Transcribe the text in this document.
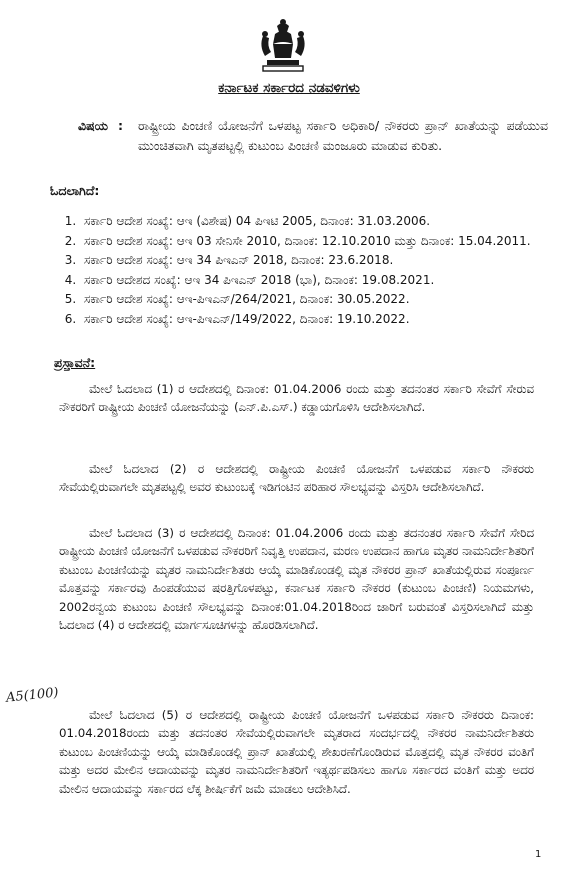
ಕರ್ನಾಟಕ ಸರ್ಕಾರದ ನಡವಳಿಗಳು
ವಿಷಯ : ರಾಷ್ಟ್ರೀಯ ಪಿಂಚಣಿ ಯೋಜನೆಗೆ ಒಳಪಟ್ಟ ಸರ್ಕಾರಿ ಅಧಿಕಾರಿ/ ನೌಕರರು ಪ್ರಾನ್ ಖಾತೆಯನ್ನು ಪಡೆಯುವ ಮುಂಚಿತವಾಗಿ ಮೃತಪಟ್ಟಲ್ಲಿ ಕುಟುಂಬ ಪಿಂಚಣಿ ಮಂಜೂರು ಮಾಡುವ ಕುರಿತು.
ಓದಲಾಗಿದೆ:
1. ಸರ್ಕಾರಿ ಆದೇಶ ಸಂಖ್ಯೆ: ಆಇ (ವಿಶೇಷ) 04 ಪಿಇಟಿ 2005, ದಿನಾಂಕ: 31.03.2006.
2. ಸರ್ಕಾರಿ ಆದೇಶ ಸಂಖ್ಯೆ: ಆಇ 03 ಸೇನಿಸೇ 2010, ದಿನಾಂಕ: 12.10.2010 ಮತ್ತು ದಿನಾಂಕ: 15.04.2011.
3. ಸರ್ಕಾರಿ ಆದೇಶ ಸಂಖ್ಯೆ: ಆಇ 34 ಪಿಇಎನ್ 2018, ದಿನಾಂಕ: 23.6.2018.
4. ಸರ್ಕಾರಿ ಆದೇಶದ ಸಂಖ್ಯೆ: ಆಇ 34 ಪಿಇಎನ್ 2018 (ಭಾ), ದಿನಾಂಕ: 19.08.2021.
5. ಸರ್ಕಾರಿ ಆದೇಶ ಸಂಖ್ಯೆ: ಆಇ-ಪಿಇಎನ್/264/2021, ದಿನಾಂಕ: 30.05.2022.
6. ಸರ್ಕಾರಿ ಆದೇಶ ಸಂಖ್ಯೆ: ಆಇ-ಪಿಇಎನ್/149/2022, ದಿನಾಂಕ: 19.10.2022.
ಪ್ರಸ್ತಾವನೆ:

ಮೇಲೆ ಓದಲಾದ (1) ರ ಆದೇಶದಲ್ಲಿ ದಿನಾಂಕ: 01.04.2006 ರಂದು ಮತ್ತು ತದನಂತರ ಸರ್ಕಾರಿ ಸೇವೆಗೆ ಸೇರುವ ನೌಕರರಿಗೆ ರಾಷ್ಟ್ರೀಯ ಪಿಂಚಣಿ ಯೋಜನೆಯನ್ನು (ಎನ್.ಪಿ.ಎಸ್.) ಕಡ್ಡಾಯಗೊಳಿಸಿ ಆದೇಶಿಸಲಾಗಿದೆ.

ಮೇಲೆ ಓದಲಾದ (2) ರ ಆದೇಶದಲ್ಲಿ ರಾಷ್ಟ್ರೀಯ ಪಿಂಚಣಿ ಯೋಜನೆಗೆ ಒಳಪಡುವ ಸರ್ಕಾರಿ ನೌಕರರು ಸೇವೆಯಲ್ಲಿರುವಾಗಲೇ ಮೃತಪಟ್ಟಲ್ಲಿ ಅವರ ಕುಟುಂಬಕ್ಕೆ ಇಡಿಗಂಟಿನ ಪರಿಹಾರ ಸೌಲಭ್ಯವನ್ನು ವಿಸ್ತರಿಸಿ ಆದೇಶಿಸಲಾಗಿದೆ.

ಮೇಲೆ ಓದಲಾದ (3) ರ ಆದೇಶದಲ್ಲಿ ದಿನಾಂಕ: 01.04.2006 ರಂದು ಮತ್ತು ತದನಂತರ ಸರ್ಕಾರಿ ಸೇವೆಗೆ ಸೇರಿದ ರಾಷ್ಟ್ರೀಯ ಪಿಂಚಣಿ ಯೋಜನೆಗೆ ಒಳಪಡುವ ನೌಕರರಿಗೆ ನಿವೃತ್ತಿ ಉಪದಾನ, ಮರಣ ಉಪದಾನ ಹಾಗೂ ಮೃತರ ನಾಮನಿರ್ದೇಶಿತರಿಗೆ ಕುಟುಂಬ ಪಿಂಚಣಿಯನ್ನು ಮೃತರ ನಾಮನಿರ್ದೇಶಿತರು ಆಯ್ಕೆ ಮಾಡಿಕೊಂಡಲ್ಲಿ ಮೃತ ನೌಕರರ ಪ್ರಾನ್ ಖಾತೆಯಲ್ಲಿರುವ ಸಂಪೂರ್ಣ ಮೊತ್ತವನ್ನು ಸರ್ಕಾರವು ಹಿಂಪಡೆಯುವ ಷರತ್ತಿಗೊಳಪಟ್ಟು, ಕರ್ನಾಟಕ ಸರ್ಕಾರಿ ನೌಕರರ (ಕುಟುಂಬ ಪಿಂಚಣಿ) ನಿಯಮಗಳು, 2002ರನ್ವಯ ಕುಟುಂಬ ಪಿಂಚಣಿ ಸೌಲಭ್ಯವನ್ನು ದಿನಾಂಕ:01.04.2018ರಿಂದ ಜಾರಿಗೆ ಬರುವಂತೆ ವಿಸ್ತರಿಸಲಾಗಿದೆ ಮತ್ತು ಓದಲಾದ (4) ರ ಆದೇಶದಲ್ಲಿ ಮಾರ್ಗಸೂಚಿಗಳನ್ನು ಹೊರಡಿಸಲಾಗಿದೆ.

ಮೇಲೆ ಓದಲಾದ (5) ರ ಆದೇಶದಲ್ಲಿ ರಾಷ್ಟ್ರೀಯ ಪಿಂಚಣಿ ಯೋಜನೆಗೆ ಒಳಪಡುವ ಸರ್ಕಾರಿ ನೌಕರರು ದಿನಾಂಕ: 01.04.2018ರಂದು ಮತ್ತು ತದನಂತರ ಸೇವೆಯಲ್ಲಿರುವಾಗಲೇ ಮೃತರಾದ ಸಂದರ್ಭದಲ್ಲಿ ನೌಕರರ ನಾಮನಿರ್ದೇಶಿತರು ಕುಟುಂಬ ಪಿಂಚಣಿಯನ್ನು ಆಯ್ಕೆ ಮಾಡಿಕೊಂಡಲ್ಲಿ ಪ್ರಾನ್ ಖಾತೆಯಲ್ಲಿ ಶೇಖರಣೆಗೊಂಡಿರುವ ಮೊತ್ತದಲ್ಲಿ ಮೃತ ನೌಕರರ ವಂತಿಗೆ ಮತ್ತು ಅದರ ಮೇಲಿನ ಆದಾಯವನ್ನು ಮೃತರ ನಾಮನಿರ್ದೇಶಿತರಿಗೆ ಇತ್ಯರ್ಥಪಡಿಸಲು ಹಾಗೂ ಸರ್ಕಾರದ ವಂತಿಗೆ ಮತ್ತು ಅದರ ಮೇಲಿನ ಆದಾಯವನ್ನು ಸರ್ಕಾರದ ಲೆಕ್ಕ ಶೀರ್ಷಿಕೆಗೆ ಜಮೆ ಮಾಡಲು ಆದೇಶಿಸಿದೆ.

A5(100)
1
